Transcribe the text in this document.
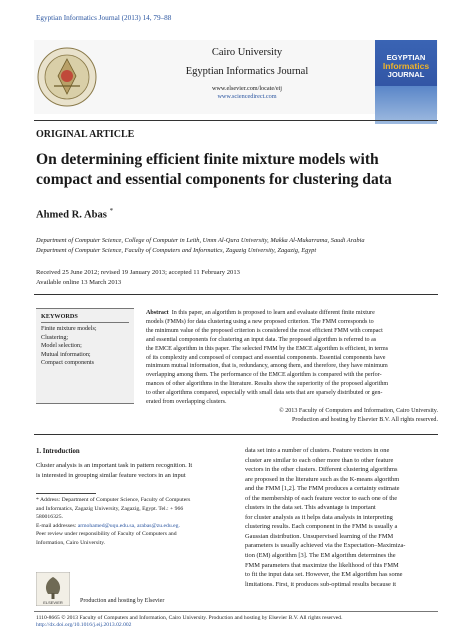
Egyptian Informatics Journal (2013) 14, 79–88
Cairo University
Egyptian Informatics Journal
www.elsevier.com/locate/eij
www.sciencedirect.com
EGYPTIAN
Informatics
JOURNAL
ORIGINAL ARTICLE
On determining efficient finite mixture models with
compact and essential components for clustering data
Ahmed R. Abas *
Department of Computer Science, College of Computer in Leith, Umm Al-Qura University, Makka Al-Mukarrama, Saudi Arabia
Department of Computer Science, Faculty of Computers and Informatics, Zagazig University, Zagazig, Egypt
Received 25 June 2012; revised 19 January 2013; accepted 11 February 2013
Available online 13 March 2013
KEYWORDS
Finite mixture models;
Clustering;
Model selection;
Mutual information;
Compact components
Abstract In this paper, an algorithm is proposed to learn and evaluate different finite mixture
models (FMMs) for data clustering using a new proposed criterion. The FMM corresponds to
the minimum value of the proposed criterion is considered the most efficient FMM with compact
and essential components for clustering an input data. The proposed algorithm is referred to as
the EMCE algorithm in this paper. The selected FMM by the EMCE algorithm is efficient, in terms
of its complexity and composed of compact and essential components. Essential components have
minimum mutual information, that is, redundancy, among them, and therefore, they have minimum
overlapping among them. The performance of the EMCE algorithm is compared with the perfor-
mances of other algorithms in the literature. Results show the superiority of the proposed algorithm
to other algorithms compared, especially with small data sets that are sparsely distributed or gen-
erated from overlapping clusters.
© 2013 Faculty of Computers and Information, Cairo University.
Production and hosting by Elsevier B.V. All rights reserved.
1. Introduction
Cluster analysis is an important task in pattern recognition. It
is interested in grouping similar feature vectors in an input
* Address: Department of Computer Science, Faculty of Computers
and Informatics, Zagazig University, Zagazig, Egypt. Tel.: + 966
580016325.
E-mail addresses: armohamed@uqu.edu.sa, arabas@zu.edu.eg.
Peer review under responsibility of Faculty of Computers and
Information, Cairo University.
ELSEVIER	Production and hosting by Elsevier
data set into a number of clusters. Feature vectors in one
cluster are similar to each other more than to other feature
vectors in the other clusters. Different clustering algorithms
are proposed in the literature such as the K-means algorithm
and the FMM [1,2]. The FMM produces a certainty estimate
of the membership of each feature vector to each one of the
clusters in the data set. This advantage is important
for cluster analysis as it helps data analysis in interpreting
clustering results. Each component in the FMM is usually a
Gaussian distribution. Unsupervised learning of the FMM
parameters is usually achieved via the Expectation–Maximiza-
tion (EM) algorithm [3]. The EM algorithm determines the
FMM parameters that maximize the likelihood of this FMM
to fit the input data set. However, the EM algorithm has some
limitations. First, it produces sub-optimal results because it
1110-8665 © 2013 Faculty of Computers and Information, Cairo University. Production and hosting by Elsevier B.V. All rights reserved.
http://dx.doi.org/10.1016/j.eij.2013.02.002
